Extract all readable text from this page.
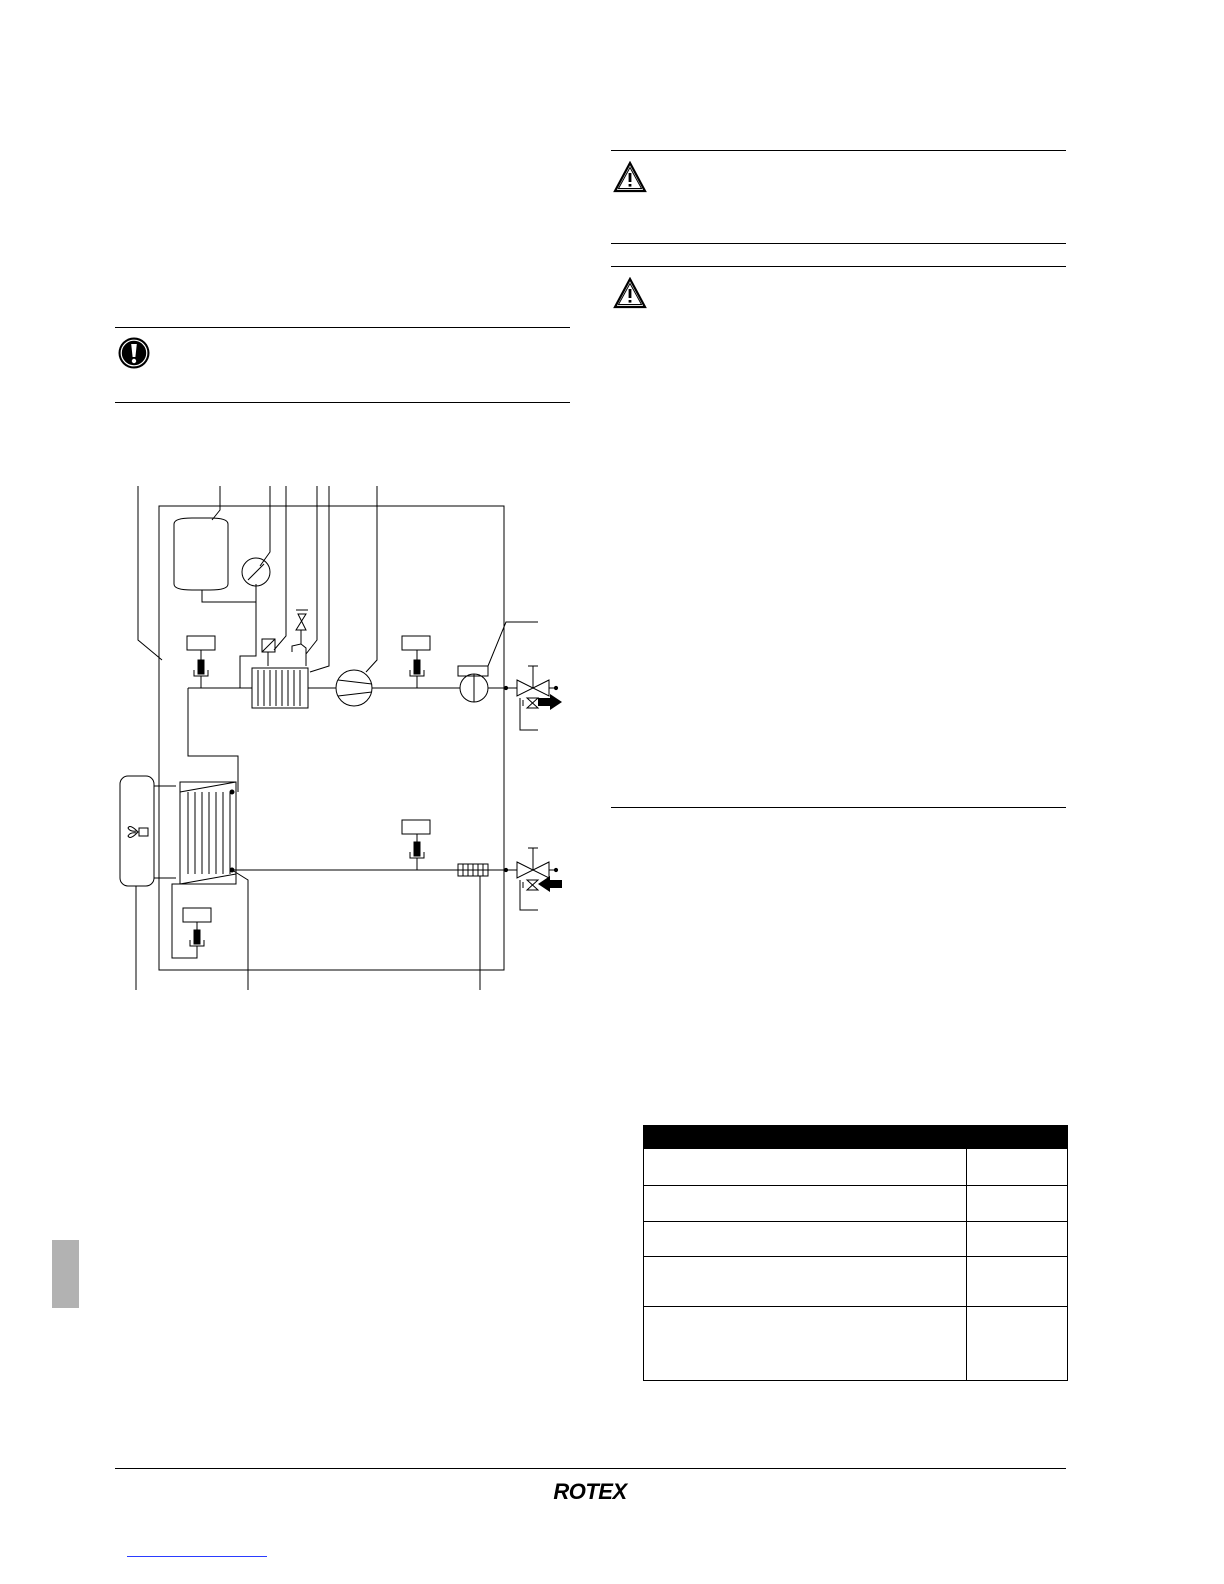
ROTEX
